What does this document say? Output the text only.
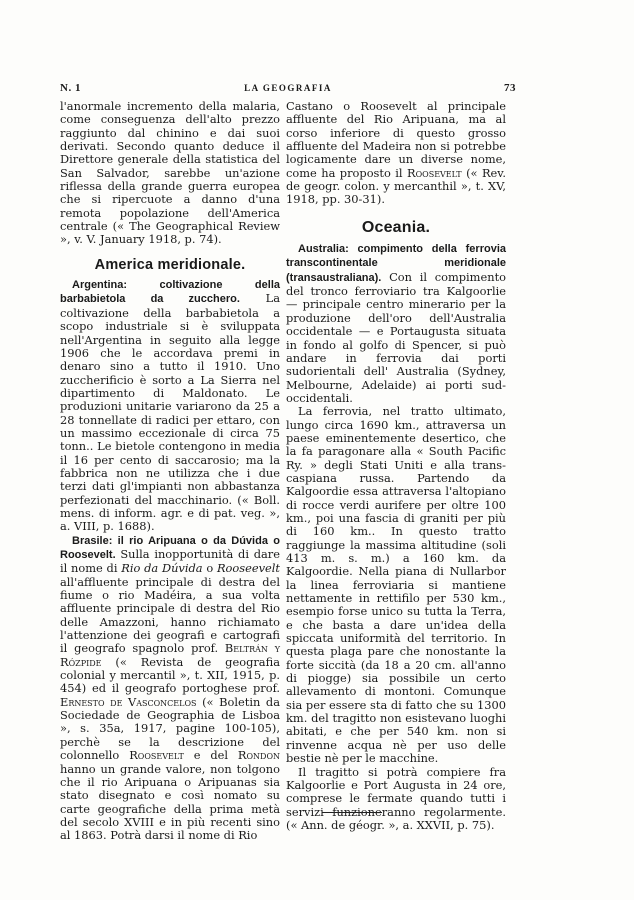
N. 1	LA GEOGRAFIA	73

l'anormale incremento della malaria, come conseguenza dell'alto prezzo raggiunto dal chinino e dai suoi derivati. Secondo quanto deduce il Direttore generale della statistica del San Salvador, sarebbe un'azione riflessa della grande guerra europea che si ripercuote a danno d'una remota popolazione dell'America centrale (« The Geographical Review », v. V. January 1918, p. 74).

America meridionale.

Argentina: coltivazione della barbabietola da zucchero. La coltivazione della barbabietola a scopo industriale si è sviluppata nell'Argentina in seguito alla legge 1906 che le accordava premi in denaro sino a tutto il 1910. Uno zuccherificio è sorto a La Sierra nel dipartimento di Maldonato. Le produzioni unitarie variarono da 25 a 28 tonnellate di radici per ettaro, con un massimo eccezionale di circa 75 tonn.. Le bietole contengono in media il 16 per cento di saccarosio; ma la fabbrica non ne utilizza che i due terzi dati gl'impianti non abbastanza perfezionati del macchinario. (« Boll. mens. di inform. agr. e di pat. veg. », a. VIII, p. 1688).

Brasile: il rio Aripuana o da Dúvida o Roosevelt. Sulla inopportunità di dare il nome di Rio da Dúvida o Rooseevelt all'affluente principale di destra del fiume o rio Madéira, a sua volta affluente principale di destra del Rio delle Amazzoni, hanno richiamato l'attenzione dei geografi e cartografi il geografo spagnolo prof. Beltrán y Rózpide (« Revista de geografia colonial y mercantil », t. XII, 1915, p. 454) ed il geografo portoghese prof. Ernesto de Vasconcelos (« Boletin da Sociedade de Geographia de Lisboa », s. 35a, 1917, pagine 100-105), perchè se la descrizione del colonnello Roosevelt e del Rondon hanno un grande valore, non tolgono che il rio Aripuana o Aripuanas sia stato disegnato e così nomato su carte geografiche della prima metà del secolo XVIII e in più recenti sino al 1863. Potrà darsi il nome di Rio

Castano o Roosevelt al principale affluente del Rio Aripuana, ma al corso inferiore di questo grosso affluente del Madeira non si potrebbe logicamente dare un diverse nome, come ha proposto il Roosevelt (« Rev. de geogr. colon. y mercanthil », t. XV, 1918, pp. 30-31).

Oceania.

Australia: compimento della ferrovia transcontinentale meridionale (transaustraliana). Con il compimento del tronco ferroviario tra Kalgoorlie — principale centro minerario per la produzione dell'oro dell'Australia occidentale — e Portaugusta situata in fondo al golfo di Spencer, si può andare in ferrovia dai porti sudorientali dell' Australia (Sydney, Melbourne, Adelaide) ai porti sud-occidentali.

La ferrovia, nel tratto ultimato, lungo circa 1690 km., attraversa un paese eminentemente desertico, che la fa paragonare alla « South Pacific Ry. » degli Stati Uniti e alla trans-caspiana russa. Partendo da Kalgoordie essa attraversa l'altopiano di rocce verdi aurifere per oltre 100 km., poi una fascia di graniti per più di 160 km.. In questo tratto raggiunge la massima altitudine (soli 413 m. s. m.) a 160 km. da Kalgoordie. Nella piana di Nullarbor la linea ferroviaria si mantiene nettamente in rettifilo per 530 km., esempio forse unico su tutta la Terra, e che basta a dare un'idea della spiccata uniformità del territorio. In questa plaga pare che nonostante la forte siccità (da 18 a 20 cm. all'anno di piogge) sia possibile un certo allevamento di montoni. Comunque sia per essere sta di fatto che su 1300 km. del tragitto non esistevano luoghi abitati, e che per 540 km. non si rinvenne acqua nè per uso delle bestie nè per le macchine.

Il tragitto si potrà compiere fra Kalgoorlie e Port Augusta in 24 ore, comprese le fermate quando tutti i servizi funzioneranno regolarmente. (« Ann. de géogr. », a. XXVII, p. 75).
